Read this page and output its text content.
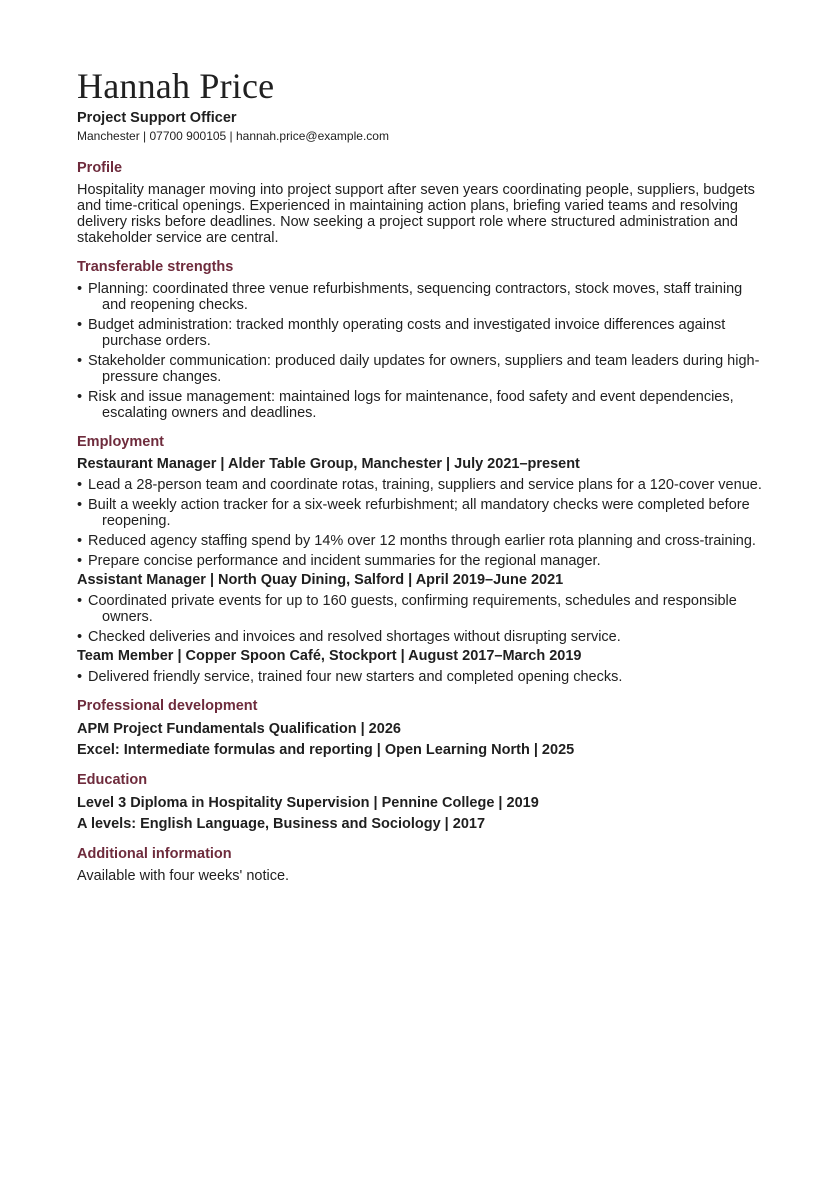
Hannah Price
Project Support Officer
Manchester | 07700 900105 | hannah.price@example.com
Profile

Hospitality manager moving into project support after seven years coordinating people, suppliers, budgets and time-critical openings. Experienced in maintaining action plans, briefing varied teams and resolving delivery risks before deadlines. Now seeking a project support role where structured administration and stakeholder service are central.

Transferable strengths
• Planning: coordinated three venue refurbishments, sequencing contractors, stock moves, staff training and reopening checks.
• Budget administration: tracked monthly operating costs and investigated invoice differences against purchase orders.
• Stakeholder communication: produced daily updates for owners, suppliers and team leaders during high-pressure changes.
• Risk and issue management: maintained logs for maintenance, food safety and event dependencies, escalating owners and deadlines.
Employment
Restaurant Manager | Alder Table Group, Manchester | July 2021–present
• Lead a 28-person team and coordinate rotas, training, suppliers and service plans for a 120-cover venue.
• Built a weekly action tracker for a six-week refurbishment; all mandatory checks were completed before reopening.
• Reduced agency staffing spend by 14% over 12 months through earlier rota planning and cross-training.
• Prepare concise performance and incident summaries for the regional manager.
Assistant Manager | North Quay Dining, Salford | April 2019–June 2021
• Coordinated private events for up to 160 guests, confirming requirements, schedules and responsible owners.
• Checked deliveries and invoices and resolved shortages without disrupting service.
Team Member | Copper Spoon Café, Stockport | August 2017–March 2019
• Delivered friendly service, trained four new starters and completed opening checks.
Professional development
APM Project Fundamentals Qualification | 2026
Excel: Intermediate formulas and reporting | Open Learning North | 2025
Education
Level 3 Diploma in Hospitality Supervision | Pennine College | 2019
A levels: English Language, Business and Sociology | 2017
Additional information
Available with four weeks' notice.
